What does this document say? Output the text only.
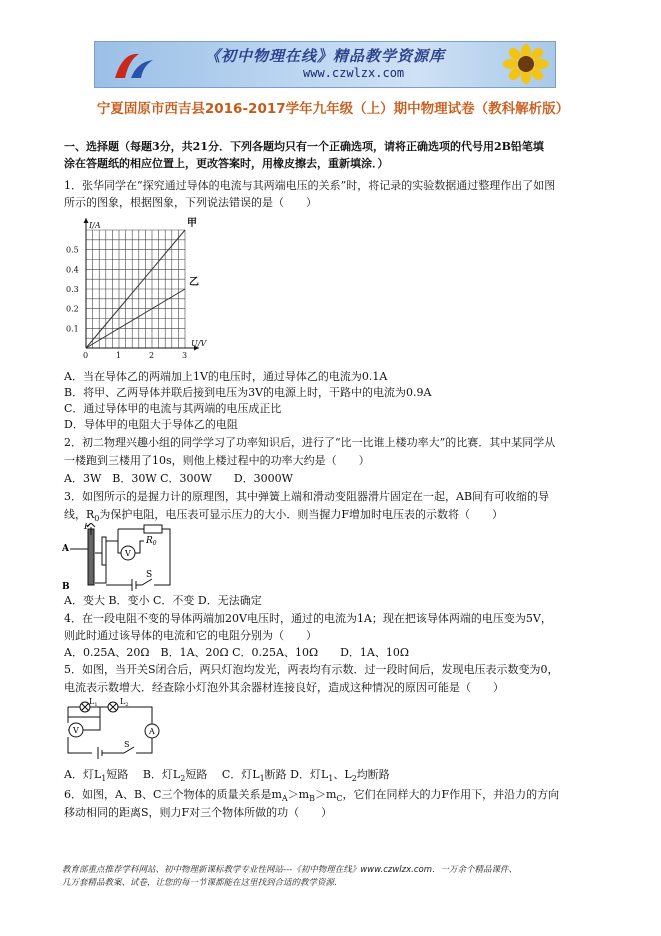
《初中物理在线》精品教学资源库
www.czwlzx.com
宁夏固原市西吉县2016-2017学年九年级（上）期中物理试卷（教科解析版）
一、选择题（每题3分，共21分．下列各题均只有一个正确选项，请将正确选项的代号用2B铅笔填
涂在答题纸的相应位置上，更改答案时，用橡皮擦去，重新填涂．）
1．张华同学在“探究通过导体的电流与其两端电压的关系”时，将记录的实验数据通过整理作出了如图
所示的图象，根据图象，下列说法错误的是（　　）
0	1	2	3
0.1
0.2
0.3
0.4
0.5
甲
乙
I/A
U/V
A．当在导体乙的两端加上1V的电压时，通过导体乙的电流为0.1A
B．将甲、乙两导体并联后接到电压为3V的电源上时，干路中的电流为0.9A
C．通过导体甲的电流与其两端的电压成正比
D．导体甲的电阻大于导体乙的电阻
2．初二物理兴趣小组的同学学习了功率知识后，进行了“比一比谁上楼功率大”的比赛．其中某同学从
一楼跑到三楼用了10s，则他上楼过程中的功率大约是（　　）
A．3W　B．30W C．300W　　D．3000W
3．如图所示的是握力计的原理图，其中弹簧上端和滑动变阻器滑片固定在一起，AB间有可收缩的导
线，$R_0$为保护电阻，电压表可显示压力的大小．则当握力F增加时电压表的示数将（　　）
F
A
B
$R_0$
V
S
A．变大 B．变小 C．不变 D．无法确定
4．在一段电阻不变的导体两端加20V电压时，通过的电流为1A；现在把该导体两端的电压变为5V，
则此时通过该导体的电流和它的电阻分别为（　　）
A．0.25A、20Ω　B．1A、20Ω C．0.25A、10Ω　　D．1A、10Ω
5．如图，当开关S闭合后，两只灯泡均发光，两表均有示数．过一段时间后，发现电压表示数变为0，
电流表示数增大．经查除小灯泡外其余器材连接良好，造成这种情况的原因可能是（　　）
$L_1$	$L_2$
V	A
S
A．灯$L_1$短路  B．灯$L_2$短路  C．灯$L_1$断路 D．灯$L_1$、$L_2$均断路
6．如图，A、B、C三个物体的质量关系是$m_A>m_B>m_C$，它们在同样大的力F作用下，并沿力的方向
移动相同的距离S，则力F对三个物体所做的功（　　）
教育部重点推荐学科网站、初中物理新课标教学专业性网站---《初中物理在线》www.czwlzx.com．一万余个精品课件、
几万套精品教案、试卷，让您的每一节课都能在这里找到合适的教学资源．
